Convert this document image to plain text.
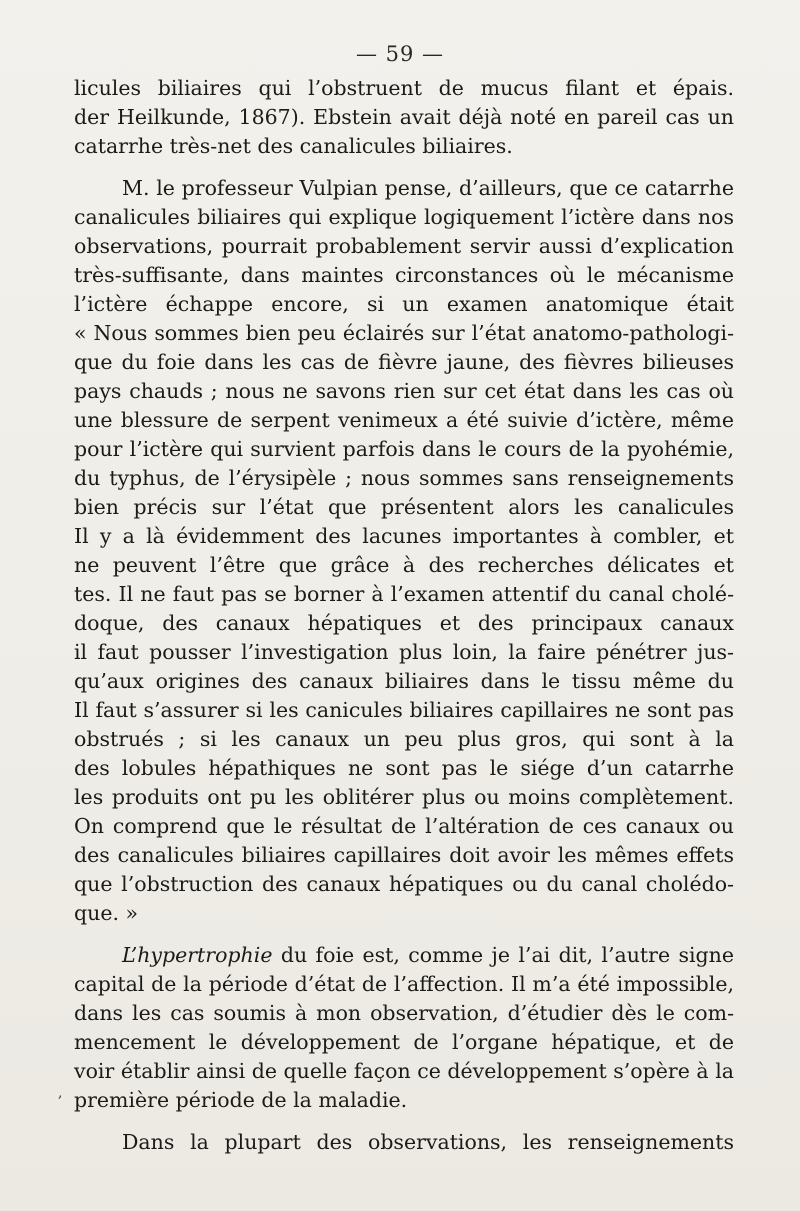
— 59 —
licules biliaires qui l’obstruent de mucus filant et épais.
der Heilkunde, 1867). Ebstein avait déjà noté en pareil cas un
catarrhe très-net des canalicules biliaires.
M. le professeur Vulpian pense, d’ailleurs, que ce catarrhe
canalicules biliaires qui explique logiquement l’ictère dans nos
observations, pourrait probablement servir aussi d’explication
très-suffisante, dans maintes circonstances où le mécanisme
l’ictère échappe encore, si un examen anatomique était
« Nous sommes bien peu éclairés sur l’état anatomo-pathologi-
que du foie dans les cas de fièvre jaune, des fièvres bilieuses
pays chauds ; nous ne savons rien sur cet état dans les cas où
une blessure de serpent venimeux a été suivie d’ictère, même
pour l’ictère qui survient parfois dans le cours de la pyohémie,
du typhus, de l’érysipèle ; nous sommes sans renseignements
bien précis sur l’état que présentent alors les canalicules
Il y a là évidemment des lacunes importantes à combler, et
ne peuvent l’être que grâce à des recherches délicates et
tes. Il ne faut pas se borner à l’examen attentif du canal cholé-
doque, des canaux hépatiques et des principaux canaux
il faut pousser l’investigation plus loin, la faire pénétrer jus-
qu’aux origines des canaux biliaires dans le tissu même du
Il faut s’assurer si les canicules biliaires capillaires ne sont pas
obstrués ; si les canaux un peu plus gros, qui sont à la
des lobules hépathiques ne sont pas le siége d’un catarrhe
les produits ont pu les oblitérer plus ou moins complètement.
On comprend que le résultat de l’altération de ces canaux ou
des canalicules biliaires capillaires doit avoir les mêmes effets
que l’obstruction des canaux hépatiques ou du canal cholédo-
que. »
L’hypertrophie du foie est, comme je l’ai dit, l’autre signe
capital de la période d’état de l’affection. Il m’a été impossible,
dans les cas soumis à mon observation, d’étudier dès le com-
mencement le développement de l’organe hépatique, et de
voir établir ainsi de quelle façon ce développement s’opère à la
première période de la maladie.
Dans la plupart des observations, les renseignements
,
